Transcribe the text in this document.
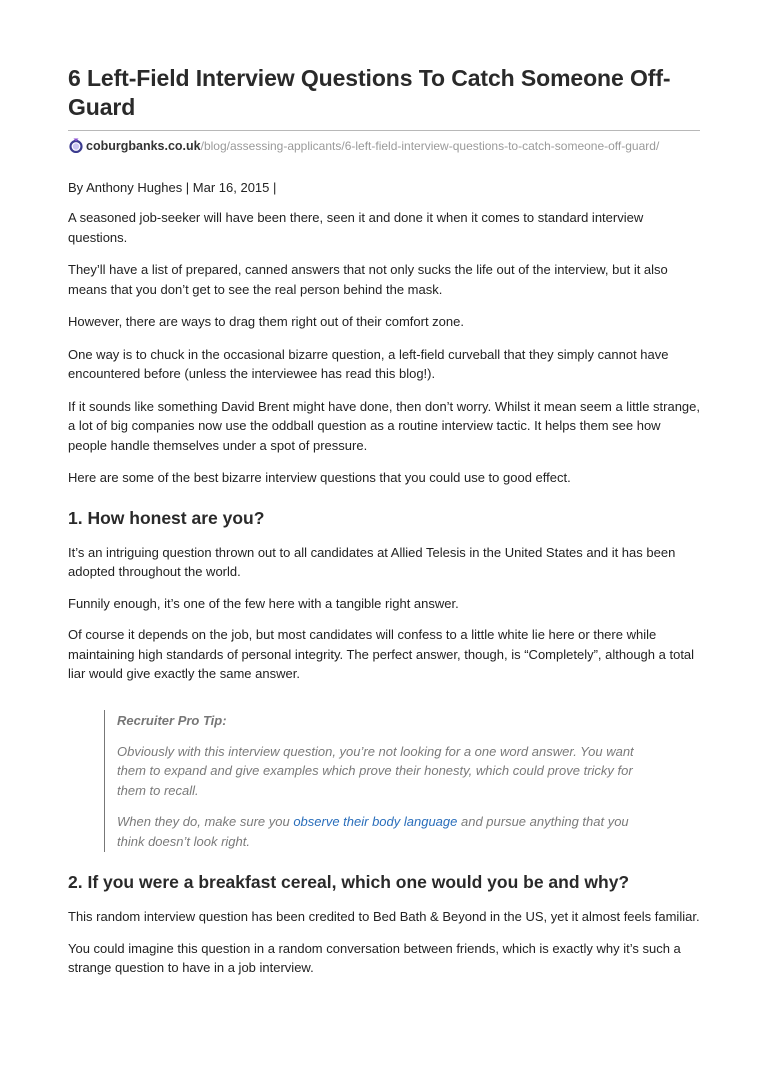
6 Left-Field Interview Questions To Catch Someone Off-Guard
coburgbanks.co.uk/blog/assessing-applicants/6-left-field-interview-questions-to-catch-someone-off-guard/
By Anthony Hughes | Mar 16, 2015 |

A seasoned job-seeker will have been there, seen it and done it when it comes to standard interview questions.

They’ll have a list of prepared, canned answers that not only sucks the life out of the interview, but it also means that you don’t get to see the real person behind the mask.

However, there are ways to drag them right out of their comfort zone.

One way is to chuck in the occasional bizarre question, a left-field curveball that they simply cannot have encountered before (unless the interviewee has read this blog!).

If it sounds like something David Brent might have done, then don’t worry. Whilst it mean seem a little strange, a lot of big companies now use the oddball question as a routine interview tactic. It helps them see how people handle themselves under a spot of pressure.

Here are some of the best bizarre interview questions that you could use to good effect.

1. How honest are you?

It’s an intriguing question thrown out to all candidates at Allied Telesis in the United States and it has been adopted throughout the world.

Funnily enough, it’s one of the few here with a tangible right answer.

Of course it depends on the job, but most candidates will confess to a little white lie here or there while maintaining high standards of personal integrity. The perfect answer, though, is “Completely”, although a total liar would give exactly the same answer.

Recruiter Pro Tip:

Obviously with this interview question, you’re not looking for a one word answer. You want them to expand and give examples which prove their honesty, which could prove tricky for them to recall.

When they do, make sure you observe their body language and pursue anything that you think doesn’t look right.

2. If you were a breakfast cereal, which one would you be and why?

This random interview question has been credited to Bed Bath & Beyond in the US, yet it almost feels familiar.

You could imagine this question in a random conversation between friends, which is exactly why it’s such a strange question to have in a job interview.
